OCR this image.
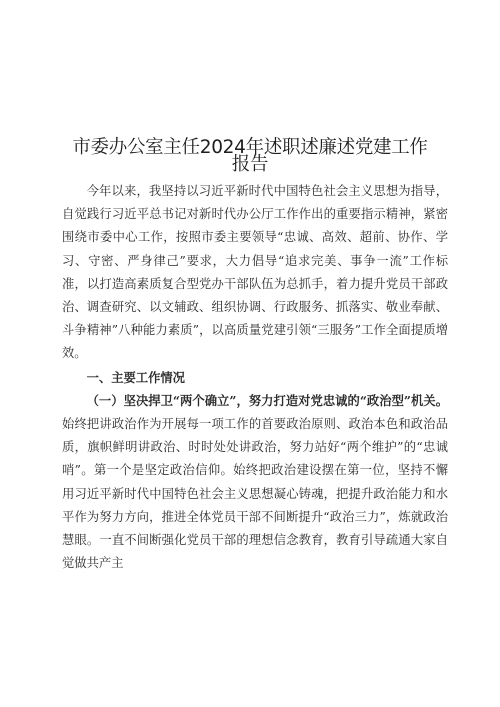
市委办公室主任2024年述职述廉述党建工作报告

今年以来，我坚持以习近平新时代中国特色社会主义思想为指导，自觉践行习近平总书记对新时代办公厅工作作出的重要指示精神，紧密围绕市委中心工作，按照市委主要领导“忠诚、高效、超前、协作、学习、守密、严身律己”要求，大力倡导“追求完美、事争一流”工作标准，以打造高素质复合型党办干部队伍为总抓手，着力提升党员干部政治、调查研究、以文辅政、组织协调、行政服务、抓落实、敬业奉献、斗争精神”八种能力素质”，以高质量党建引领“三服务”工作全面提质增效。

一、主要工作情况

（一）坚决捍卫“两个确立”，努力打造对党忠诚的“政治型”机关。始终把讲政治作为开展每一项工作的首要政治原则、政治本色和政治品质，旗帜鲜明讲政治、时时处处讲政治，努力站好“两个维护”的“忠诚哨”。第一个是坚定政治信仰。始终把政治建设摆在第一位，坚持不懈用习近平新时代中国特色社会主义思想凝心铸魂，把提升政治能力和水平作为努力方向，推进全体党员干部不间断提升“政治三力”，炼就政治慧眼。一直不间断强化党员干部的理想信念教育，教育引导疏通大家自觉做共产主
